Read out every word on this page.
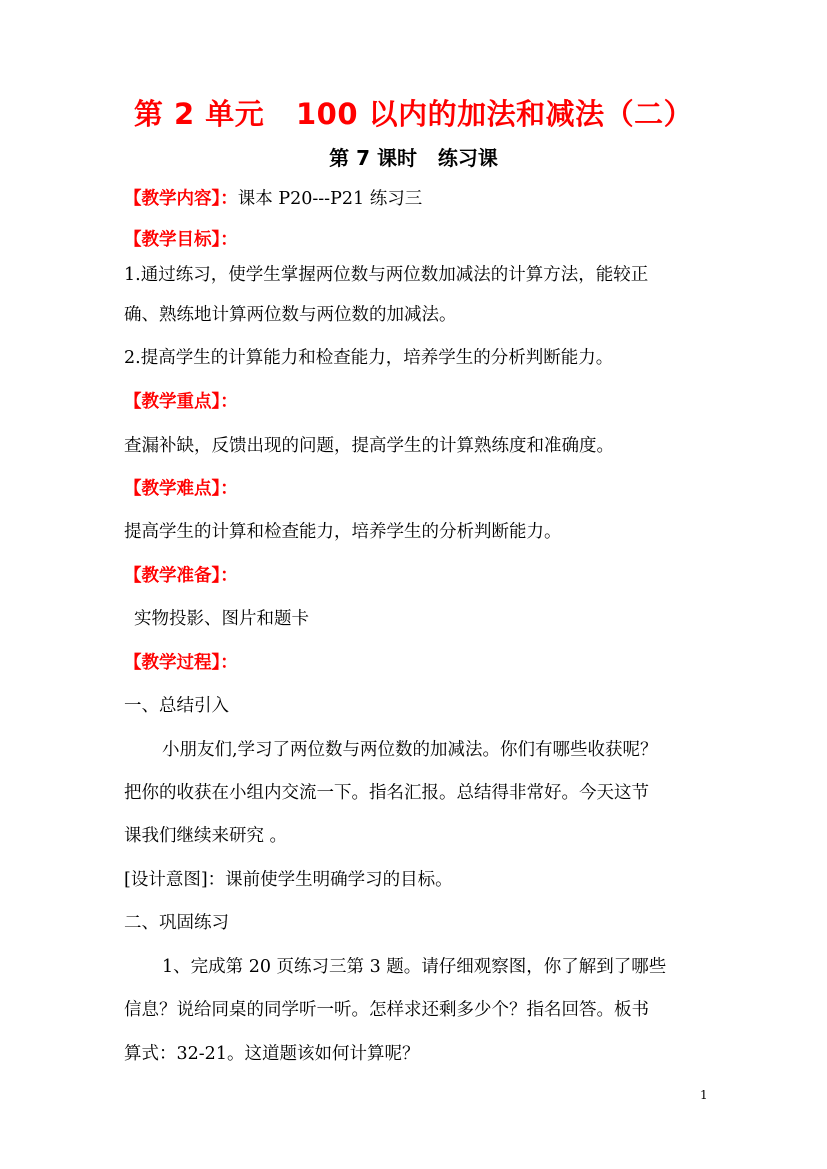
第 2 单元   100 以内的加法和减法（二）
第 7 课时   练习课
【教学内容】：课本 P20---P21 练习三
【教学目标】：
1.通过练习，使学生掌握两位数与两位数加减法的计算方法，能较正
确、熟练地计算两位数与两位数的加减法。
2.提高学生的计算能力和检查能力，培养学生的分析判断能力。
【教学重点】：
查漏补缺，反馈出现的问题，提高学生的计算熟练度和准确度。
【教学难点】：
提高学生的计算和检查能力，培养学生的分析判断能力。
【教学准备】：
实物投影、图片和题卡
【教学过程】：
一、总结引入
小朋友们,学习了两位数与两位数的加减法。你们有哪些收获呢？
把你的收获在小组内交流一下。指名汇报。总结得非常好。今天这节
课我们继续来研究 。
[设计意图]：课前使学生明确学习的目标。
二、巩固练习
1、完成第 20 页练习三第 3 题。请仔细观察图，你了解到了哪些
信息？说给同桌的同学听一听。怎样求还剩多少个？指名回答。板书
算式：32-21。这道题该如何计算呢？
1
